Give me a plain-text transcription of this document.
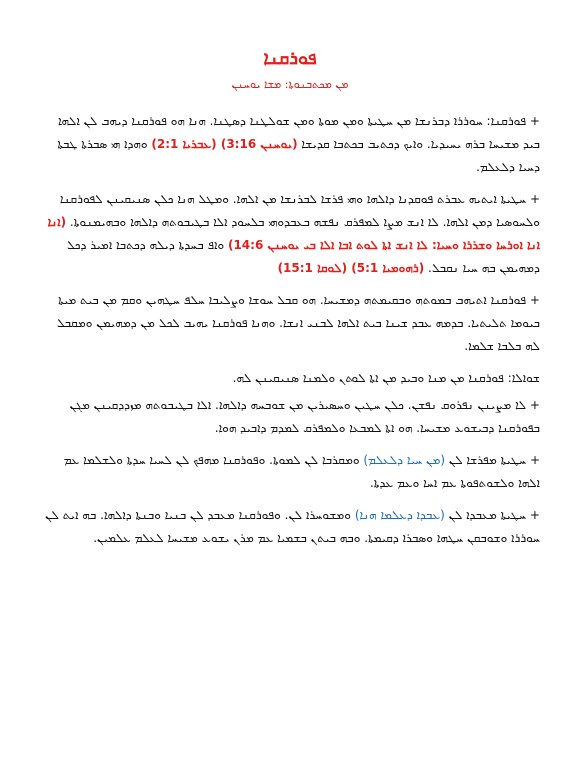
ܦܘܪܩܢܐ
ܡܢ ܡܟܬܒܢܘܬܐ: ܡܫܐ ܝܘܚܢܢ

+ ܦܘܪܩܢܐ: ܚܘܪܪܐ ܕܒܪܢܫܐ ܡܢ ܚܛܝܬܐ ܘܡܢ ܡܘܬܐ ܘܡܢ ܫܘܠܛܢܐ ܕܣܛܢܐ. ܗܢܐ ܗܘ ܦܘܪܩܢܐ ܕܝܗܒ ܠܢ ܐܠܗܐ ܒܝܕ ܡܫܝܚܐ ܒܪܗ ܝܚܝܕܝܐ. ܘܐܝܟ ܕܟܬܝܒ ܒܟܬܒܐ ܩܕܝܫܐ (ܝܘܚܢܢ 3:16) (ܥܒܪܝܐ 2:1) ܘܗܕܐ ܗܝ ܣܒܪܬܐ ܛܒܬܐ ܕܚܝܐ ܕܠܥܠܡ.

+ ܚܛܝܬܐ ܐܝܬܝܗ ܥܒܪܬ ܦܘܩܕܢܐ ܕܐܠܗܐ ܘܗܝ ܦܪܫܐ ܠܒܪܢܫܐ ܡܢ ܐܠܗܐ. ܘܡܛܠ ܗܢܐ ܟܠܢ ܣܢܝܩܝܢܢ ܠܦܘܪܩܢܐ ܘܠܚܘܣܝܐ ܕܡܢ ܐܠܗܐ. ܠܐ ܐܢܫ ܡܨܐ ܠܡܦܪܩ ܢܦܫܗ ܒܥܒܕܘܗܝ ܒܠܚܘܕ ܐܠܐ ܒܛܝܒܘܬܗ ܕܐܠܗܐ ܘܒܗܝܡܢܘܬܐ. (ܐܢܐ ܐܢܐ ܐܘܪܚܐ ܘܫܪܪܐ ܘܚܝܐ: ܠܐ ܐܢܫ ܐܬܐ ܠܘܬ ܐܒܐ ܐܠܐ ܒܝ ܝܘܚܢܢ 14:6) ܘܐܦ ܒܚܕܬܐ ܕܝܠܗ ܕܟܬܒܐ ܐܡܝܪ ܕܟܠ ܕܡܗܝܡܢ ܒܗ ܚܝܐ ܢܩܒܠ. (ܪܗܘܡܝܐ 5:1) (ܠܘܩܐ 15:1)

+ ܦܘܪܩܢܐ ܐܬܝܗܒ ܒܡܘܬܗ ܘܒܩܝܡܬܗ ܕܡܫܝܚܐ. ܗܘ ܩܒܠ ܚܘܫܐ ܘܨܠܝܒܐ ܚܠܦ ܚܛܗܝܢ ܘܩܡ ܡܢ ܒܝܬ ܡܝܬܐ ܒܝܘܡܐ ܬܠܝܬܝܐ. ܒܕܡܗ ܥܒܕ ܫܝܢܐ ܒܝܬ ܐܠܗܐ ܠܒܢܝ ܐܢܫܐ. ܘܗܢܐ ܦܘܪܩܢܐ ܝܗܝܒ ܠܟܠ ܡܢ ܕܡܗܝܡܢ ܘܡܩܒܠ ܠܗ ܒܠܒܐ ܫܠܡܐ.

ܫܘܐܠܐ: ܦܘܪܩܢܐ ܡܢ ܡܢܐ ܘܒܝܕ ܡܢ ܐܬܐ ܠܘܬܢ ܘܠܡܢܐ ܣܢܝܩܝܢܢ ܠܗ.

+ ܠܐ ܡܨܝܢܢ ܢܦܪܘܩ ܢܦܫܢ. ܟܠܢ ܚܛܝܢ ܘܚܣܝܪܝܢ ܡܢ ܫܘܒܚܗ ܕܐܠܗܐ. ܐܠܐ ܒܛܝܒܘܬܗ ܡܙܕܕܩܝܢܢ ܡܓܢ ܒܦܘܪܩܢܐ ܕܒܝܫܘܥ ܡܫܝܚܐ. ܗܘ ܐܬܐ ܠܡܒܥܐ ܘܠܡܦܪܩ ܠܡܕܡ ܕܐܒܝܕ ܗܘܐ.

+ ܚܛܝܬܐ ܡܦܪܫܐ ܠܢ (ܡܢ ܚܝܐ ܕܠܥܠܡ) ܘܡܩܪܒܐ ܠܢ ܠܡܘܬܐ. ܘܦܘܪܩܢܐ ܡܗܦܟ ܠܢ ܠܚܝܐ ܚܕܬܐ ܘܠܫܠܡܐ ܥܡ ܐܠܗܐ ܘܠܫܘܬܦܘܬܐ ܥܡ ܐܚܐ ܘܥܡ ܥܕܬܐ.

+ ܚܛܝܬܐ ܡܥܒܕܐ ܠܢ (ܥܒܕܐ ܕܥܠܡܐ ܗܢܐ) ܘܡܫܘܚܪܐ ܠܢ. ܘܦܘܪܩܢܐ ܡܥܒܕ ܠܢ ܒܢܝܐ ܘܒܢܬܐ ܕܐܠܗܐ. ܒܗ ܐܝܬ ܠܢ ܚܘܪܪܐ ܘܫܘܒܩܢ ܚܛܗܐ ܘܣܒܪܐ ܕܩܝܡܬܐ. ܘܒܗ ܒܝܬܢ ܒܫܡܝܐ ܥܡ ܡܪܢ ܝܫܘܥ ܡܫܝܚܐ ܠܥܠܡ ܥܠܡܝܢ.
